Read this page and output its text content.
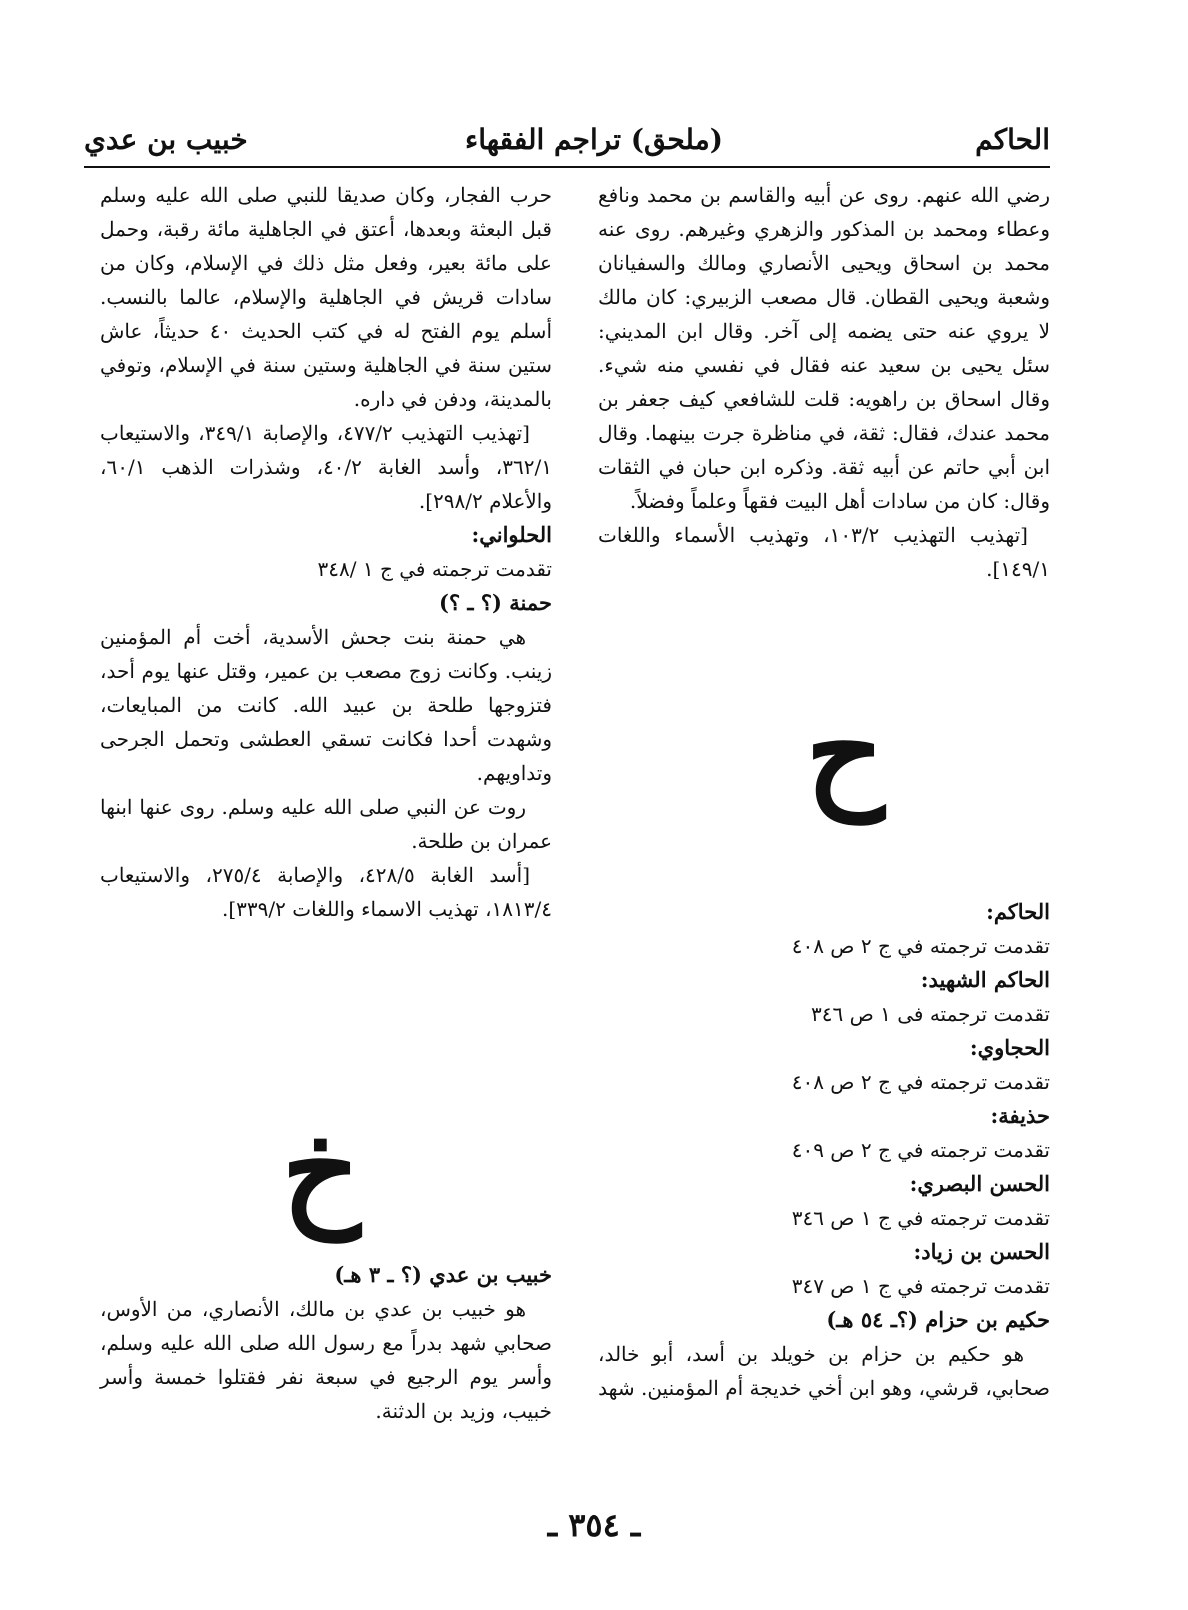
الحاكم
(ملحق) تراجم الفقهاء
خبيب بن عدي

رضي الله عنهم. روى عن أبيه والقاسم بن محمد ونافع وعطاء ومحمد بن المذكور والزهري وغيرهم. روى عنه محمد بن اسحاق ويحيى الأنصاري ومالك والسفيانان وشعبة ويحيى القطان. قال مصعب الزبيري: كان مالك لا يروي عنه حتى يضمه إلى آخر. وقال ابن المديني: سئل يحيى بن سعيد عنه فقال في نفسي منه شيء. وقال اسحاق بن راهويه: قلت للشافعي كيف جعفر بن محمد عندك، فقال: ثقة، في مناظرة جرت بينهما. وقال ابن أبي حاتم عن أبيه ثقة. وذكره ابن حبان في الثقات وقال: كان من سادات أهل البيت فقهاً وعلماً وفضلاً.

[تهذيب التهذيب ١٠٣/٢، وتهذيب الأسماء واللغات ١٤٩/١].

ح

الحاكم:

تقدمت ترجمته في ج ٢ ص ٤٠٨

الحاكم الشهيد:

تقدمت ترجمته فى ١ ص ٣٤٦

الحجاوي:

تقدمت ترجمته في ج ٢ ص ٤٠٨

حذيفة:

تقدمت ترجمته في ج ٢ ص ٤٠٩

الحسن البصري:

تقدمت ترجمته في ج ١ ص ٣٤٦

الحسن بن زياد:

تقدمت ترجمته في ج ١ ص ٣٤٧

حكيم بن حزام (؟ـ ٥٤ هـ)

هو حكيم بن حزام بن خويلد بن أسد، أبو خالد، صحابي، قرشي، وهو ابن أخي خديجة أم المؤمنين. شهد

حرب الفجار، وكان صديقا للنبي صلى الله عليه وسلم قبل البعثة وبعدها، أعتق في الجاهلية مائة رقبة، وحمل على مائة بعير، وفعل مثل ذلك في الإسلام، وكان من سادات قريش في الجاهلية والإسلام، عالما بالنسب. أسلم يوم الفتح له في كتب الحديث ٤٠ حديثاً، عاش ستين سنة في الجاهلية وستين سنة في الإسلام، وتوفي بالمدينة، ودفن في داره.

[تهذيب التهذيب ٤٧٧/٢، والإصابة ٣٤٩/١، والاستيعاب ٣٦٢/١، وأسد الغابة ٤٠/٢، وشذرات الذهب ٦٠/١، والأعلام ٢٩٨/٢].

الحلواني:

تقدمت ترجمته في ج ١ /٣٤٨

حمنة (؟ ـ ؟)

هي حمنة بنت جحش الأسدية، أخت أم المؤمنين زينب. وكانت زوج مصعب بن عمير، وقتل عنها يوم أحد، فتزوجها طلحة بن عبيد الله. كانت من المبايعات، وشهدت أحدا فكانت تسقي العطشى وتحمل الجرحى وتداويهم.

روت عن النبي صلى الله عليه وسلم. روى عنها ابنها عمران بن طلحة.

[أسد الغابة ٤٢٨/٥، والإصابة ٢٧٥/٤، والاستيعاب ١٨١٣/٤، تهذيب الاسماء واللغات ٣٣٩/٢].

خ

خبيب بن عدي (؟ ـ ٣ هـ)

هو خبيب بن عدي بن مالك، الأنصاري، من الأوس، صحابي شهد بدراً مع رسول الله صلى الله عليه وسلم، وأسر يوم الرجيع في سبعة نفر فقتلوا خمسة وأسر خبيب، وزيد بن الدثنة.

ـ ٣٥٤ ـ
